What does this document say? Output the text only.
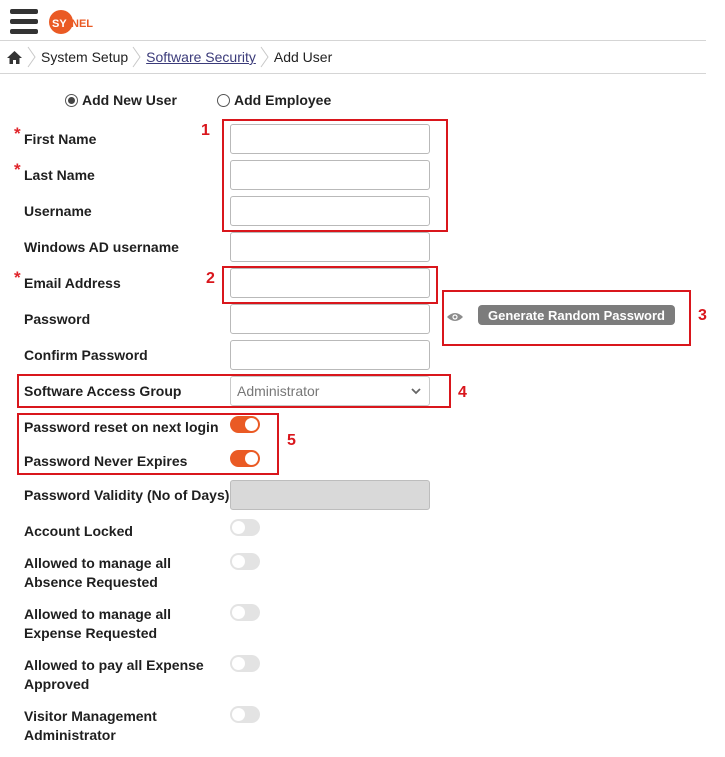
SY NEL
System Setup Software Security Add User
Add New User	Add Employee
* First Name
* Last Name
Username
Windows AD username
* Email Address
Password	Generate Random Password
Confirm Password
Software Access Group	Administrator
Password reset on next login
Password Never Expires
Password Validity (No of Days)
Account Locked
Allowed to manage all
Absence Requested
Allowed to manage all
Expense Requested
Allowed to pay all Expense
Approved
Visitor Management
Administrator
1
2
3
4
5
